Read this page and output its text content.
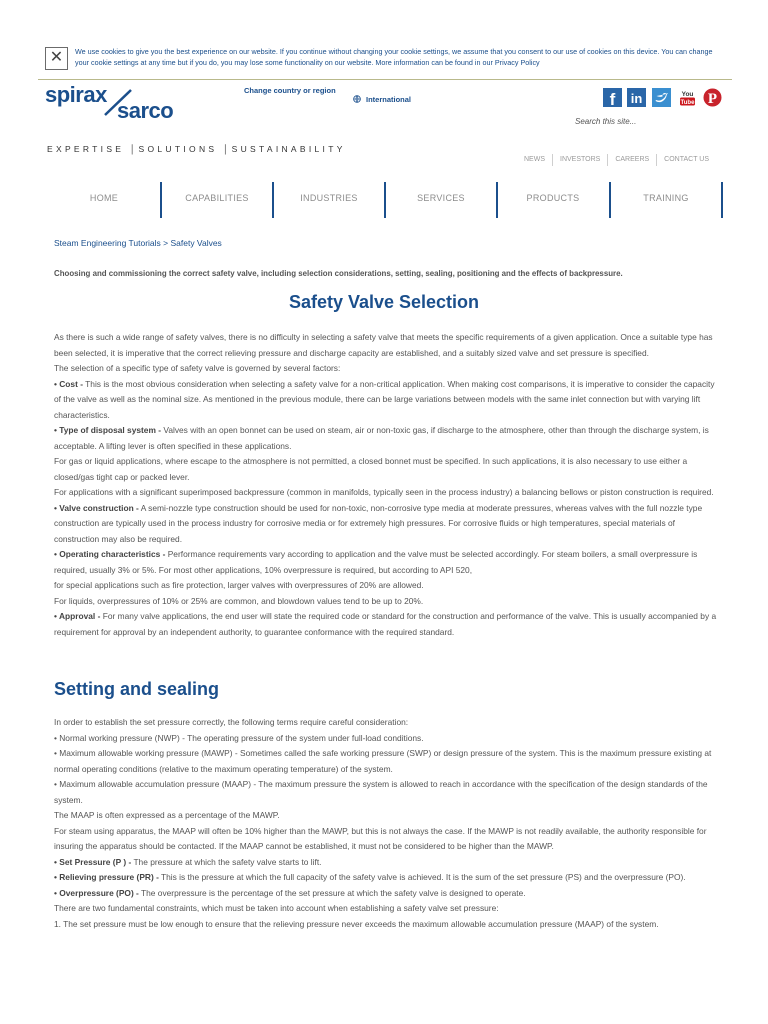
✕	We use cookies to give you the best experience on our website. If you continue without changing your cookie settings, we assume that you consent to our use of cookies on this device. You can change your cookie settings at any time but if you do, you may lose some functionality on our website. More information can be found in our Privacy Policy
spirax
sarco
Change country or region
International	f in	You
Tube P
Search this site...
EXPERTISE │SOLUTIONS │SUSTAINABILITY
NEWS	INVESTORS	CAREERS	CONTACT US
HOME	CAPABILITIES	INDUSTRIES	SERVICES	PRODUCTS	TRAINING
Steam Engineering Tutorials > Safety Valves
Choosing and commissioning the correct safety valve, including selection considerations, setting, sealing, positioning and the effects of backpressure.
Safety Valve Selection

As there is such a wide range of safety valves, there is no difficulty in selecting a safety valve that meets the specific requirements of a given application. Once a suitable type has been selected, it is imperative that the correct relieving pressure and discharge capacity are established, and a suitably sized valve and set pressure is specified.

The selection of a specific type of safety valve is governed by several factors:

• Cost - This is the most obvious consideration when selecting a safety valve for a non-critical application. When making cost comparisons, it is imperative to consider the capacity of the valve as well as the nominal size. As mentioned in the previous module, there can be large variations between models with the same inlet connection but with varying lift characteristics.

• Type of disposal system - Valves with an open bonnet can be used on steam, air or non-toxic gas, if discharge to the atmosphere, other than through the discharge system, is acceptable. A lifting lever is often specified in these applications.

For gas or liquid applications, where escape to the atmosphere is not permitted, a closed bonnet must be specified. In such applications, it is also necessary to use either a closed/gas tight cap or packed lever.

For applications with a significant superimposed backpressure (common in manifolds, typically seen in the process industry) a balancing bellows or piston construction is required.

• Valve construction - A semi-nozzle type construction should be used for non-toxic, non-corrosive type media at moderate pressures, whereas valves with the full nozzle type construction are typically used in the process industry for corrosive media or for extremely high pressures. For corrosive fluids or high temperatures, special materials of construction may also be required.

• Operating characteristics - Performance requirements vary according to application and the valve must be selected accordingly. For steam boilers, a small overpressure is required, usually 3% or 5%. For most other applications, 10% overpressure is required, but according to API 520,

for special applications such as fire protection, larger valves with overpressures of 20% are allowed.

For liquids, overpressures of 10% or 25% are common, and blowdown values tend to be up to 20%.

• Approval - For many valve applications, the end user will state the required code or standard for the construction and performance of the valve. This is usually accompanied by a requirement for approval by an independent authority, to guarantee conformance with the required standard.

Setting and sealing

In order to establish the set pressure correctly, the following terms require careful consideration:

• Normal working pressure (NWP) - The operating pressure of the system under full-load conditions.

• Maximum allowable working pressure (MAWP) - Sometimes called the safe working pressure (SWP) or design pressure of the system. This is the maximum pressure existing at normal operating conditions (relative to the maximum operating temperature) of the system.

• Maximum allowable accumulation pressure (MAAP) - The maximum pressure the system is allowed to reach in accordance with the specification of the design standards of the system.

The MAAP is often expressed as a percentage of the MAWP.

For steam using apparatus, the MAAP will often be 10% higher than the MAWP, but this is not always the case. If the MAWP is not readily available, the authority responsible for insuring the apparatus should be contacted. If the MAAP cannot be established, it must not be considered to be higher than the MAWP.

• Set Pressure (P ) - The pressure at which the safety valve starts to lift.

• Relieving pressure (PR) - This is the pressure at which the full capacity of the safety valve is achieved. It is the sum of the set pressure (PS) and the overpressure (PO).

• Overpressure (PO) - The overpressure is the percentage of the set pressure at which the safety valve is designed to operate.

There are two fundamental constraints, which must be taken into account when establishing a safety valve set pressure:

1. The set pressure must be low enough to ensure that the relieving pressure never exceeds the maximum allowable accumulation pressure (MAAP) of the system.
